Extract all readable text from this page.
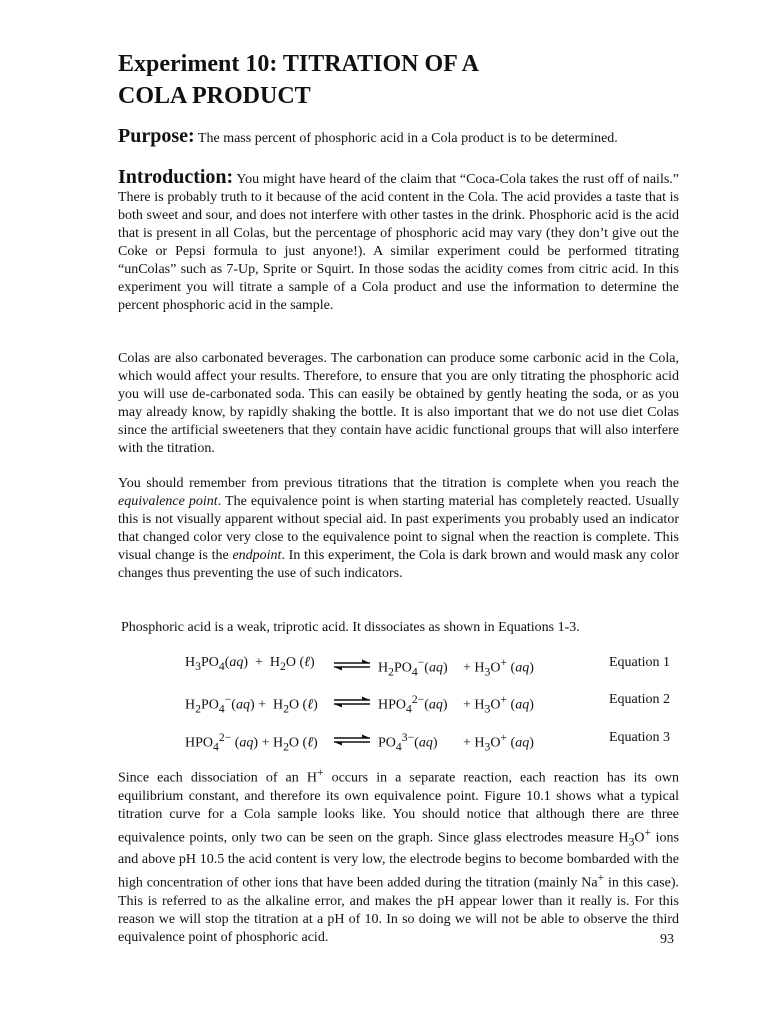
Experiment 10: TITRATION OF A
COLA PRODUCT
Purpose: The mass percent of phosphoric acid in a Cola product is to be determined.

Introduction: You might have heard of the claim that “Coca-Cola takes the rust off of nails.” There is probably truth to it because of the acid content in the Cola. The acid provides a taste that is both sweet and sour, and does not interfere with other tastes in the drink. Phosphoric acid is the acid that is present in all Colas, but the percentage of phosphoric acid may vary (they don’t give out the Coke or Pepsi formula to just anyone!). A similar experiment could be performed titrating “unColas” such as 7-Up, Sprite or Squirt. In those sodas the acidity comes from citric acid. In this experiment you will titrate a sample of a Cola product and use the information to determine the percent phosphoric acid in the sample.

Colas are also carbonated beverages. The carbonation can produce some carbonic acid in the Cola, which would affect your results. Therefore, to ensure that you are only titrating the phosphoric acid you will use de-carbonated soda. This can easily be obtained by gently heating the soda, or as you may already know, by rapidly shaking the bottle. It is also important that we do not use diet Colas since the artificial sweeteners that they contain have acidic functional groups that will also interfere with the titration.

You should remember from previous titrations that the titration is complete when you reach the equivalence point. The equivalence point is when starting material has completely reacted. Usually this is not visually apparent without special aid. In past experiments you probably used an indicator that changed color very close to the equivalence point to signal when the reaction is complete. This visual change is the endpoint. In this experiment, the Cola is dark brown and would mask any color changes thus preventing the use of such indicators.

Phosphoric acid is a weak, triprotic acid. It dissociates as shown in Equations 1-3.

$H_3PO_4(aq) + H_2O$ (ℓ) ⇌ $H_2PO_4^-(aq) + H_3O^+$ (aq)	Equation 1
$H_2PO_4^-(aq) + H_2O$ (ℓ) ⇌ $HPO_4^{2-}(aq) + H_3O^+$ (aq)	Equation 2
$HPO_4^{2-}$ $(aq) + H_2O$ (ℓ) ⇌ $PO_4^{3-}(aq) + H_3O^+$ (aq)	Equation 3

Since each dissociation of an H+ occurs in a separate reaction, each reaction has its own equilibrium constant, and therefore its own equivalence point. Figure 10.1 shows what a typical titration curve for a Cola sample looks like. You should notice that although there are three equivalence points, only two can be seen on the graph. Since glass electrodes measure $H_3O^+$ ions and above pH 10.5 the acid content is very low, the electrode begins to become bombarded with the high concentration of other ions that have been added during the titration (mainly Na+ in this case). This is referred to as the alkaline error, and makes the pH appear lower than it really is. For this reason we will stop the titration at a pH of 10. In so doing we will not be able to observe the third equivalence point of phosphoric acid.	93
